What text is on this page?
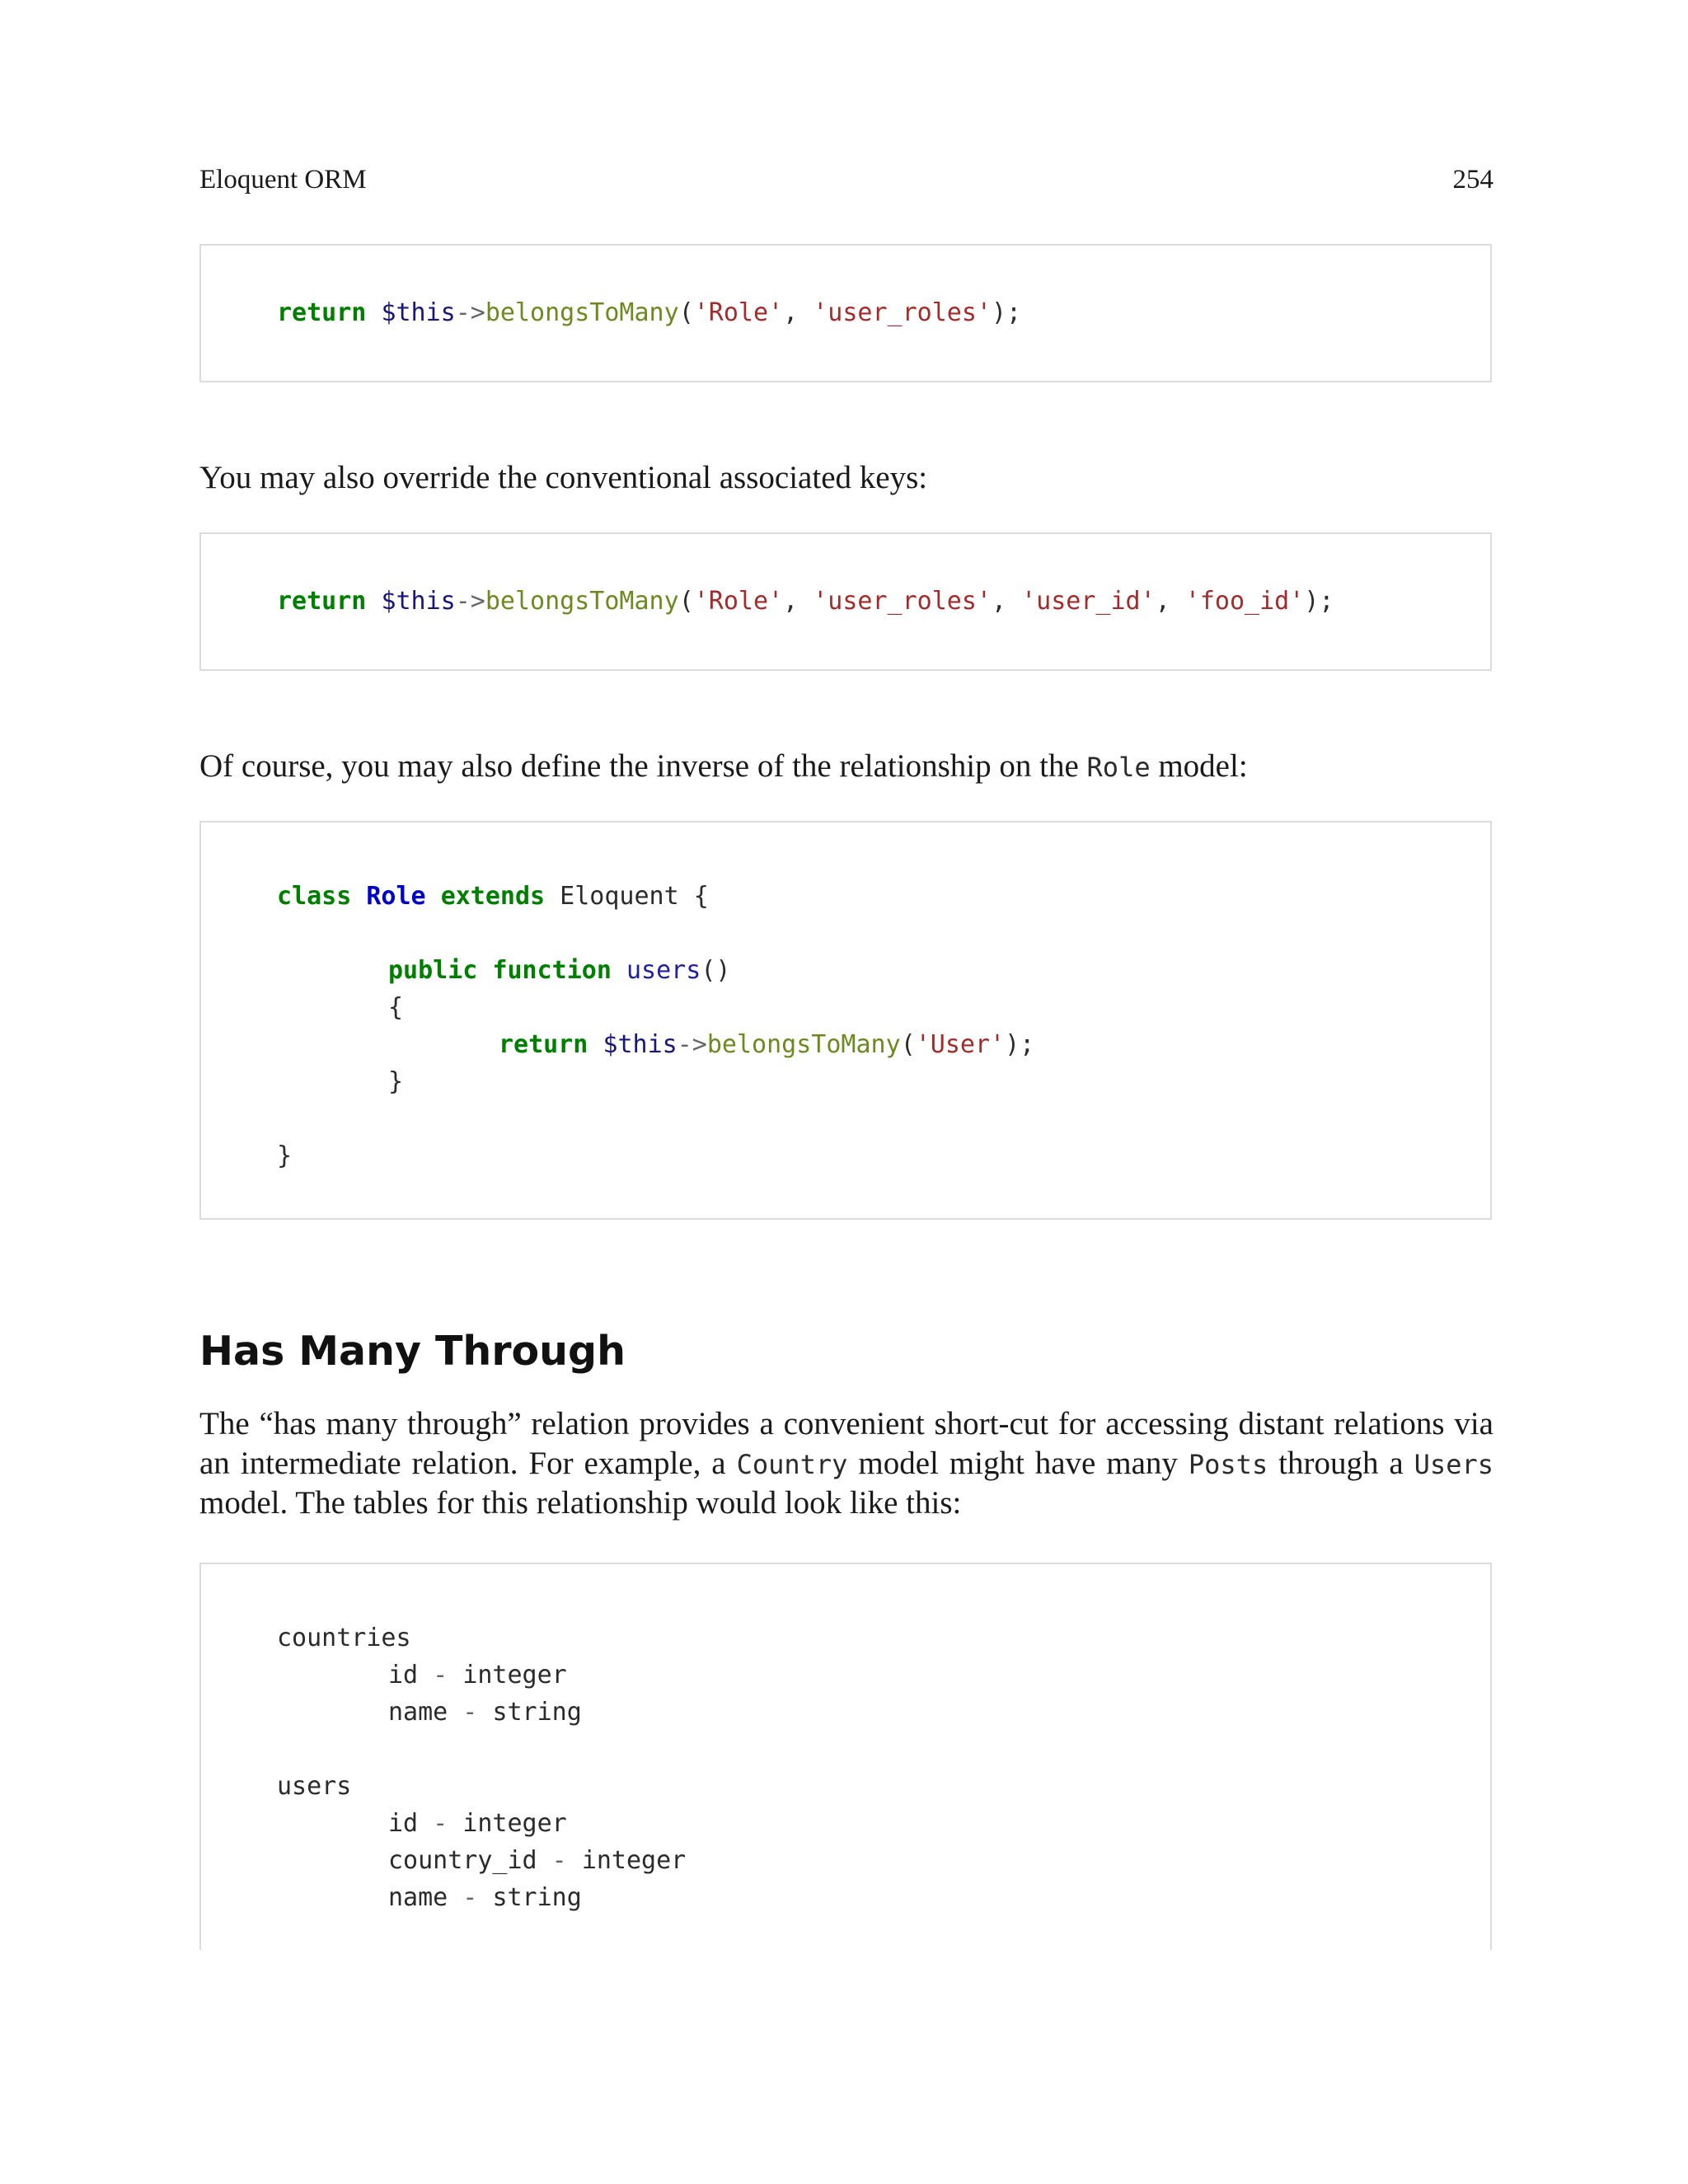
Eloquent ORM	254
return $this->belongsToMany('Role', 'user_roles');
You may also override the conventional associated keys:
return $this->belongsToMany('Role', 'user_roles', 'user_id', 'foo_id');
Of course, you may also define the inverse of the relationship on the Role model:
class Role extends Eloquent {
public function users()
{
return $this->belongsToMany('User');
}
}
Has Many Through
The “has many through” relation provides a convenient short-cut for accessing distant relations via
an intermediate relation. For example, a Country model might have many Posts through a Users
model. The tables for this relationship would look like this:
countries
id - integer
name - string
users
id - integer
country_id - integer
name - string
